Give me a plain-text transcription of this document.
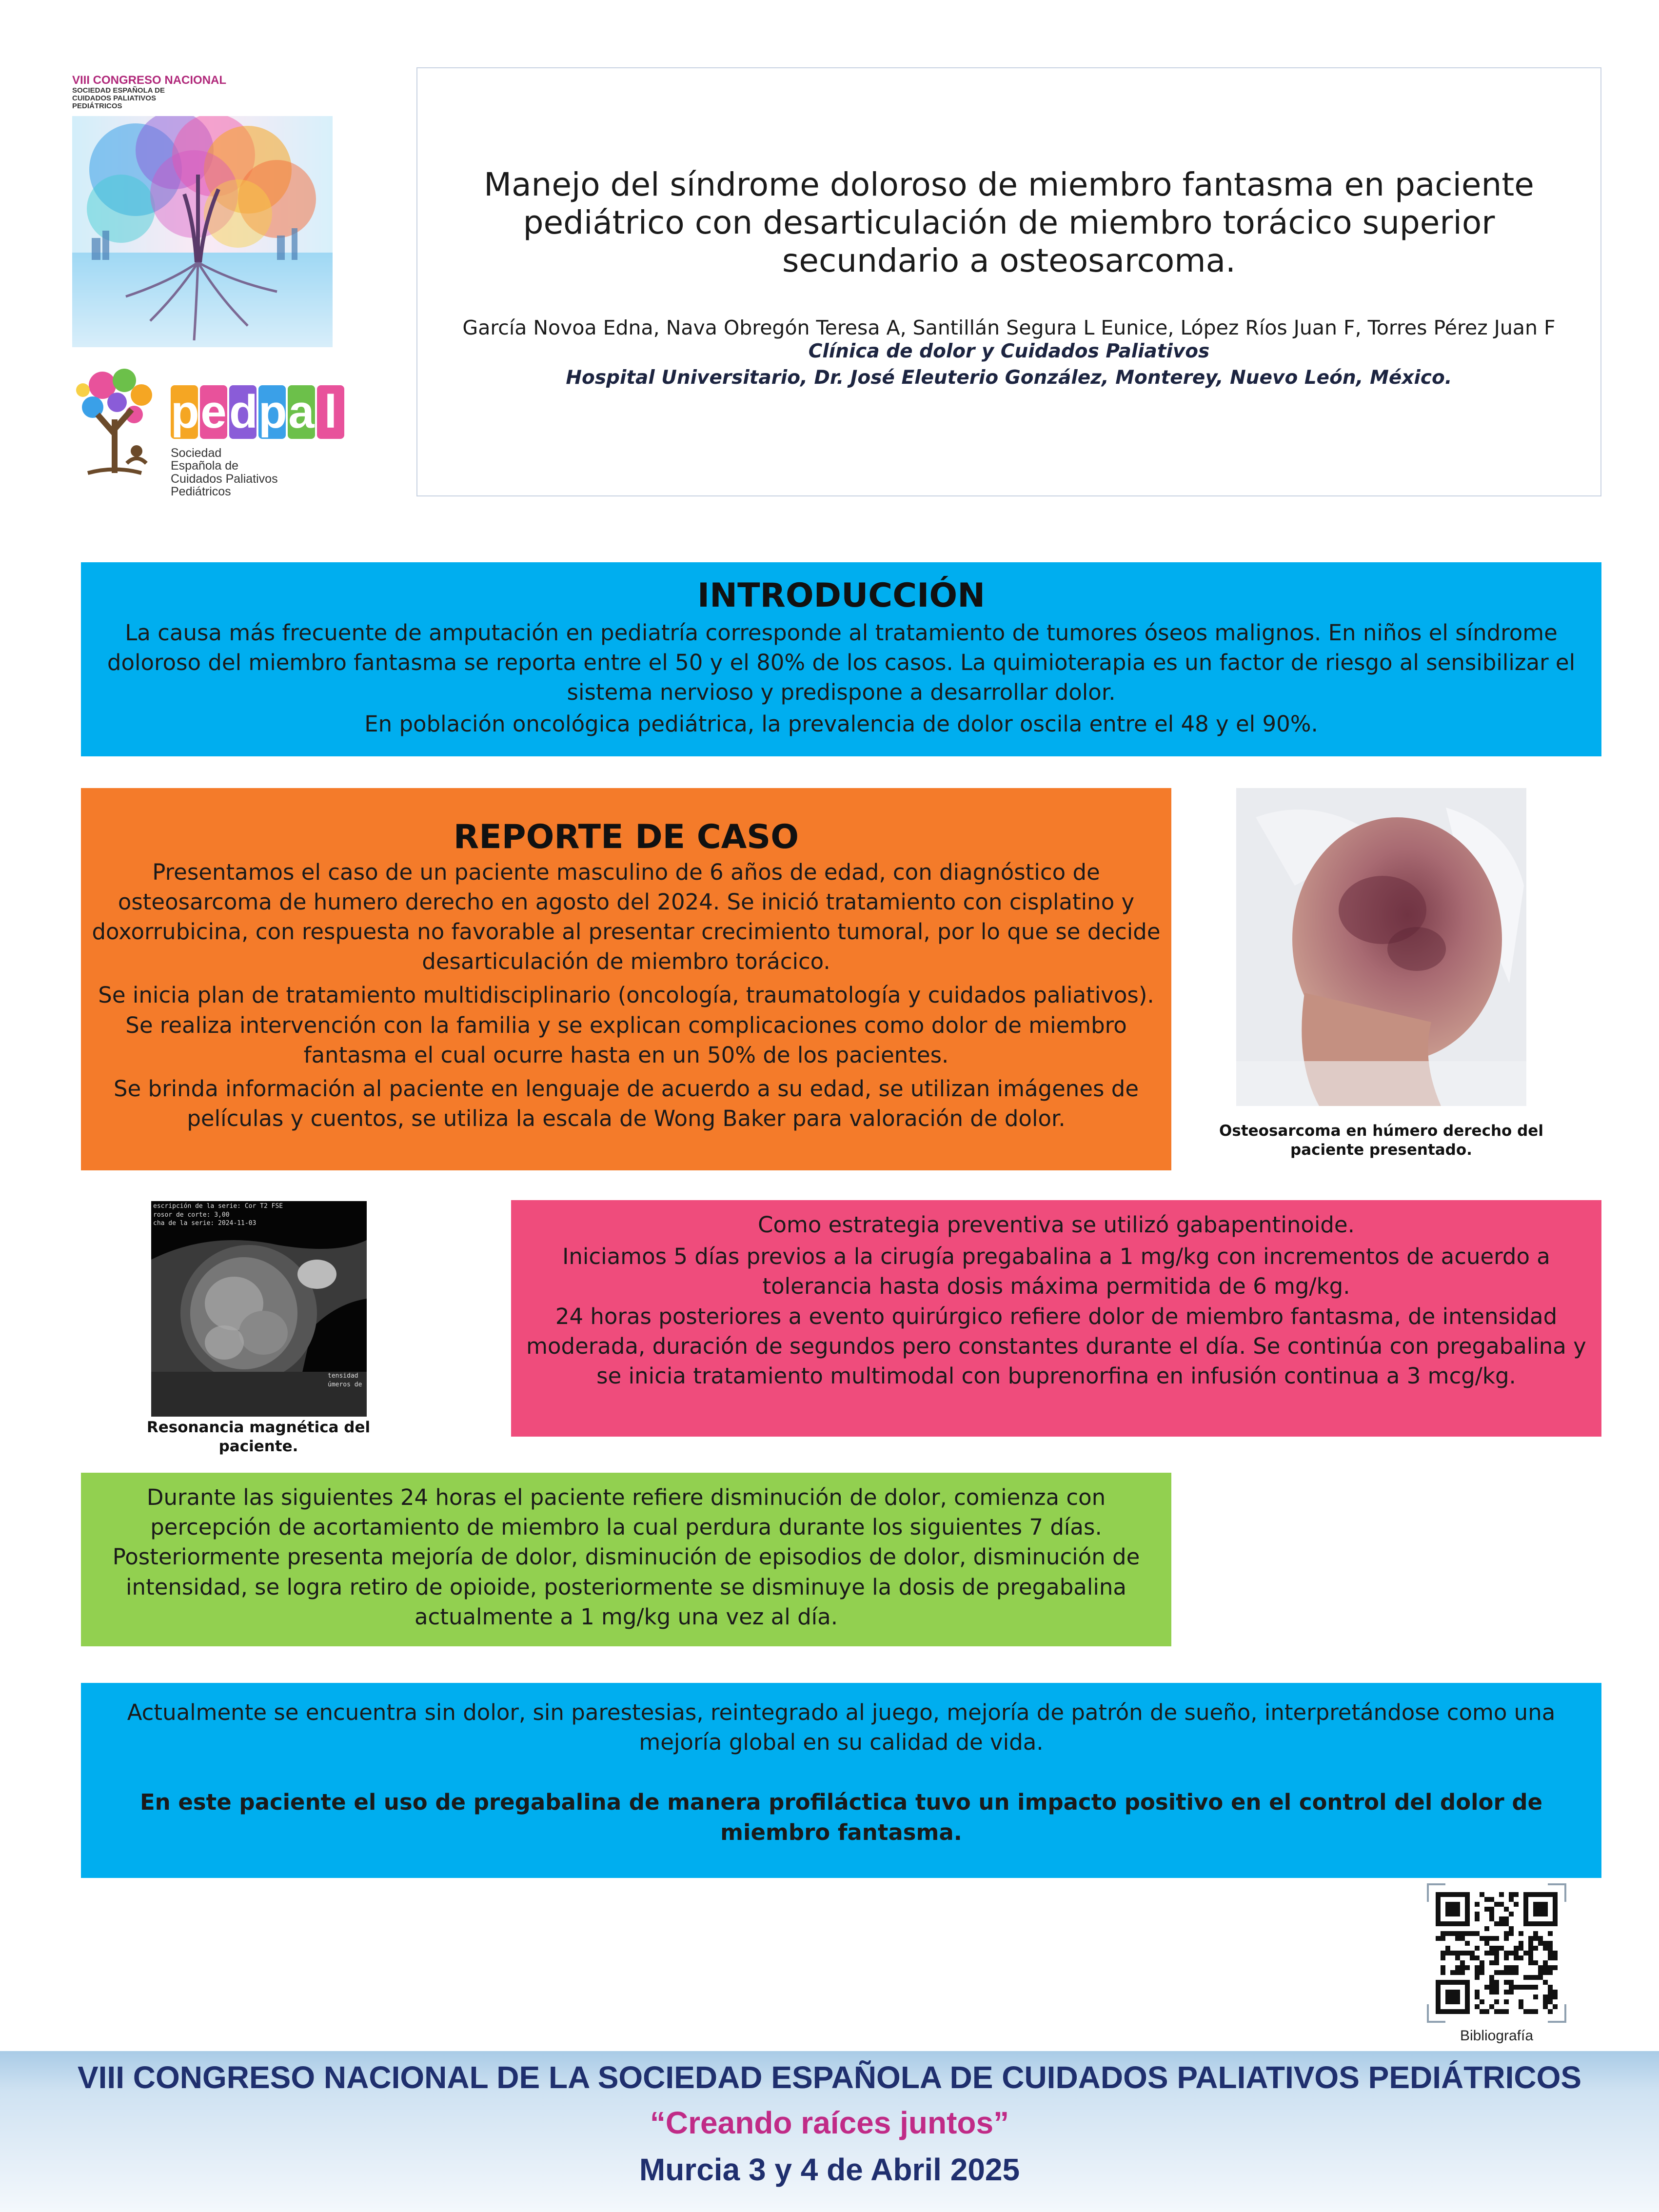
VIII CONGRESO NACIONAL
SOCIEDAD ESPAÑOLA DE
CUIDADOS PALIATIVOS
PEDIÁTRICOS
p e d p a l
Sociedad
Española de
Cuidados Paliativos Pediátricos
Manejo del síndrome doloroso de miembro fantasma en paciente pediátrico con desarticulación de miembro torácico superior secundario a osteosarcoma.
García Novoa Edna, Nava Obregón Teresa A, Santillán Segura L Eunice, López Ríos Juan F, Torres Pérez Juan F
Clínica de dolor y Cuidados Paliativos
Hospital Universitario, Dr. José Eleuterio González, Monterey, Nuevo León, México.
INTRODUCCIÓN

La causa más frecuente de amputación en pediatría corresponde al tratamiento de tumores óseos malignos. En niños el síndrome doloroso del miembro fantasma se reporta entre el 50 y el 80% de los casos. La quimioterapia es un factor de riesgo al sensibilizar el sistema nervioso y predispone a desarrollar dolor.

En población oncológica pediátrica, la prevalencia de dolor oscila entre el 48 y el 90%.

REPORTE DE CASO

Presentamos el caso de un paciente masculino de 6 años de edad, con diagnóstico de osteosarcoma de humero derecho en agosto del 2024. Se inició tratamiento con cisplatino y doxorrubicina, con respuesta no favorable al presentar crecimiento tumoral, por lo que se decide desarticulación de miembro torácico.

Se inicia plan de tratamiento multidisciplinario (oncología, traumatología y cuidados paliativos). Se realiza intervención con la familia y se explican complicaciones como dolor de miembro fantasma el cual ocurre hasta en un 50% de los pacientes.

Se brinda información al paciente en lenguaje de acuerdo a su edad, se utilizan imágenes de películas y cuentos, se utiliza la escala de Wong Baker para valoración de dolor.	Osteosarcoma en húmero derecho del paciente presentado.
escripción de la serie: Cor T2 FSE
rosor de corte: 3,00
cha de la serie: 2024-11-03
tensidad
úmeros de
Resonancia magnética del paciente.

Como estrategia preventiva se utilizó gabapentinoide.

Iniciamos 5 días previos a la cirugía pregabalina a 1 mg/kg con incrementos de acuerdo a tolerancia hasta dosis máxima permitida de 6 mg/kg.

24 horas posteriores a evento quirúrgico refiere dolor de miembro fantasma, de intensidad moderada, duración de segundos pero constantes durante el día. Se continúa con pregabalina y se inicia tratamiento multimodal con buprenorfina en infusión continua a 3 mcg/kg.

Durante las siguientes 24 horas el paciente refiere disminución de dolor, comienza con percepción de acortamiento de miembro la cual perdura durante los siguientes 7 días. Posteriormente presenta mejoría de dolor, disminución de episodios de dolor, disminución de intensidad, se logra retiro de opioide, posteriormente se disminuye la dosis de pregabalina actualmente a 1 mg/kg una vez al día.

Actualmente se encuentra sin dolor, sin parestesias, reintegrado al juego, mejoría de patrón de sueño, interpretándose como una mejoría global en su calidad de vida.

En este paciente el uso de pregabalina de manera profiláctica tuvo un impacto positivo en el control del dolor de miembro fantasma.

Bibliografía
VIII CONGRESO NACIONAL DE LA SOCIEDAD ESPAÑOLA DE CUIDADOS PALIATIVOS PEDIÁTRICOS
“Creando raíces juntos”
Murcia 3 y 4 de Abril 2025
